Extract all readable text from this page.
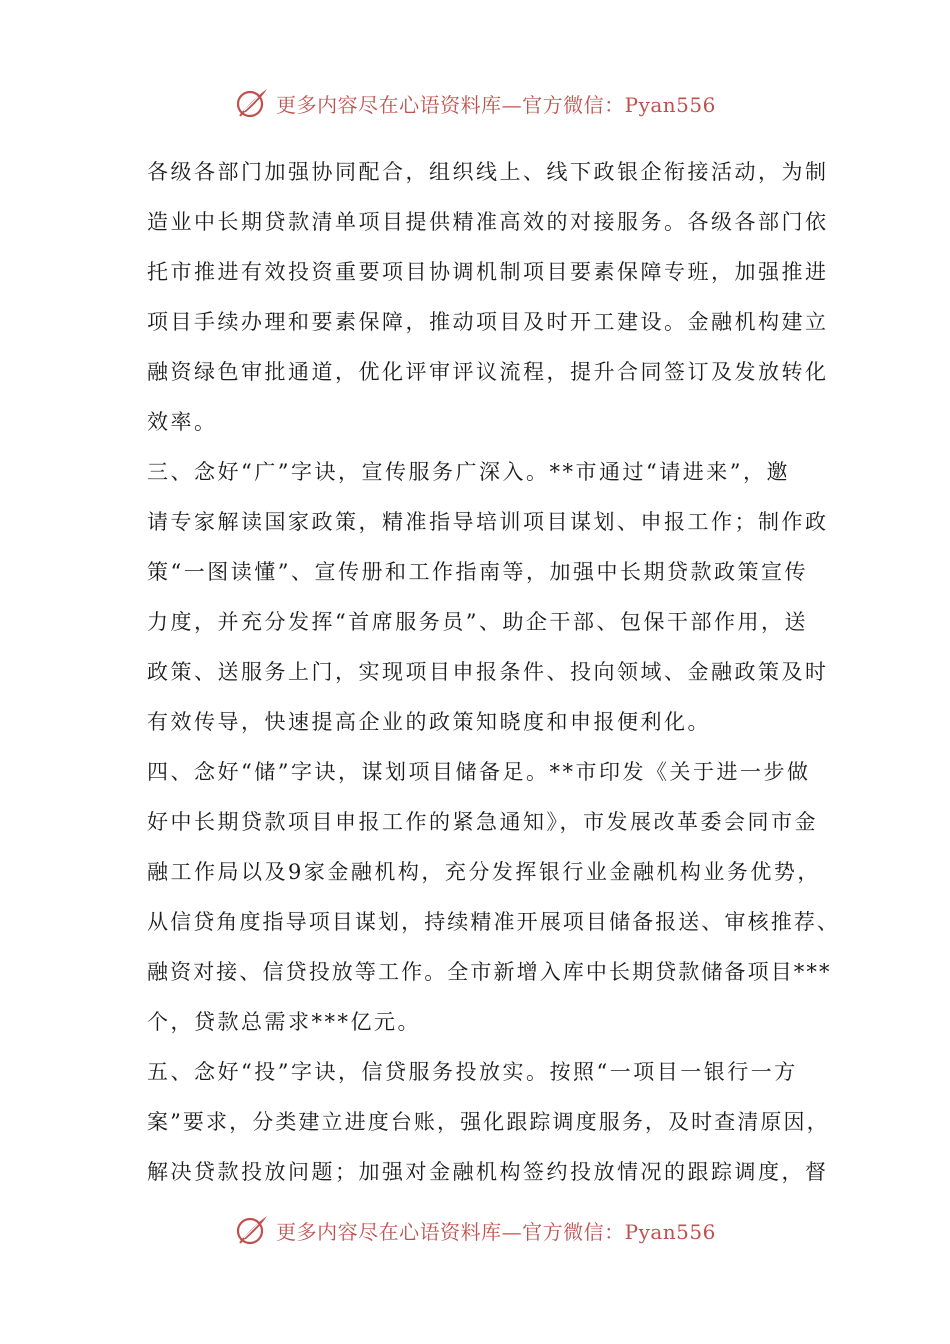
更多内容尽在心语资料库—官方微信：Pyan556
各级各部门加强协同配合，组织线上、线下政银企衔接活动，为制
造业中长期贷款清单项目提供精准高效的对接服务。各级各部门依
托市推进有效投资重要项目协调机制项目要素保障专班，加强推进
项目手续办理和要素保障，推动项目及时开工建设。金融机构建立
融资绿色审批通道，优化评审评议流程，提升合同签订及发放转化
效率。
三、念好“广”字诀，宣传服务广深入。**市通过“请进来”，邀
请专家解读国家政策，精准指导培训项目谋划、申报工作；制作政
策“一图读懂”、宣传册和工作指南等，加强中长期贷款政策宣传
力度，并充分发挥“首席服务员”、助企干部、包保干部作用，送
政策、送服务上门，实现项目申报条件、投向领域、金融政策及时
有效传导，快速提高企业的政策知晓度和申报便利化。
四、念好“储”字诀，谋划项目储备足。**市印发《关于进一步做
好中长期贷款项目申报工作的紧急通知》，市发展改革委会同市金
融工作局以及9家金融机构，充分发挥银行业金融机构业务优势，
从信贷角度指导项目谋划，持续精准开展项目储备报送、审核推荐、
融资对接、信贷投放等工作。全市新增入库中长期贷款储备项目***
个，贷款总需求***亿元。
五、念好“投”字诀，信贷服务投放实。按照“一项目一银行一方
案”要求，分类建立进度台账，强化跟踪调度服务，及时查清原因，
解决贷款投放问题；加强对金融机构签约投放情况的跟踪调度，督
更多内容尽在心语资料库—官方微信：Pyan556
